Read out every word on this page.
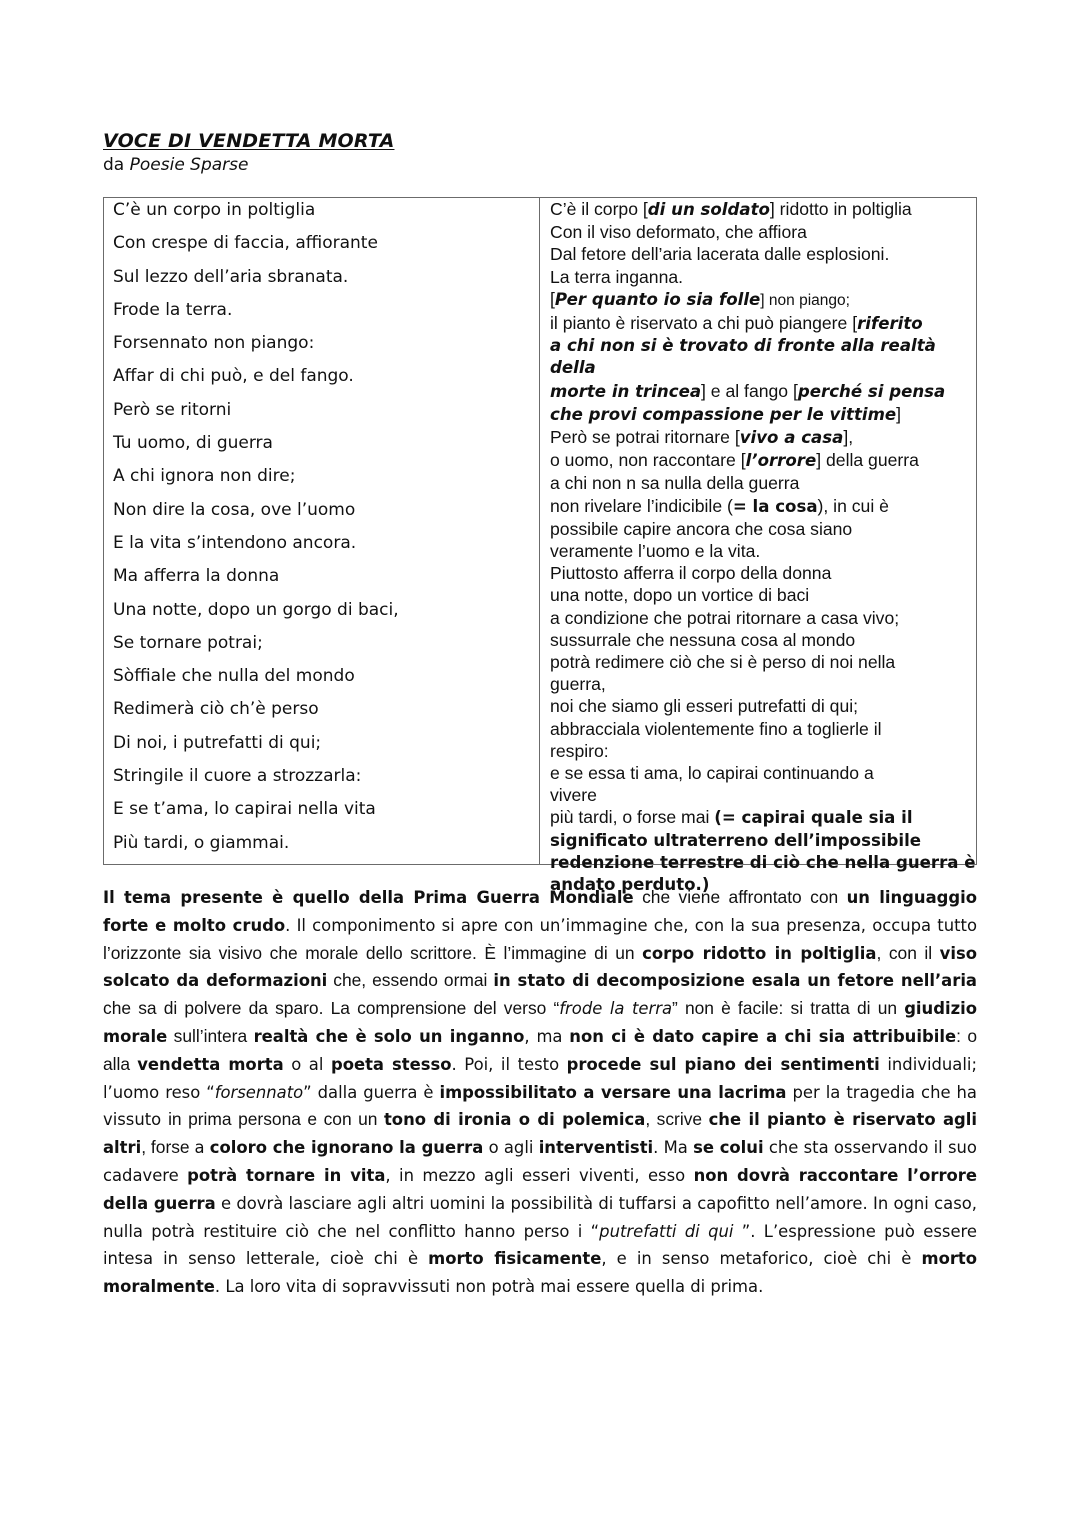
VOCE DI VENDETTA MORTA

da Poesie Sparse

C’è un corpo in poltiglia
Con crespe di faccia, affiorante
Sul lezzo dell’aria sbranata.
Frode la terra.
Forsennato non piango:
Affar di chi può, e del fango.
Però se ritorni
Tu uomo, di guerra
A chi ignora non dire;
Non dire la cosa, ove l’uomo
E la vita s’intendono ancora.
Ma afferra la donna
Una notte, dopo un gorgo di baci,
Se tornare potrai;
Sòffiale che nulla del mondo
Redimerà ciò ch’è perso
Di noi, i putrefatti di qui;
Stringile il cuore a strozzarla:
E se t’ama, lo capirai nella vita
Più tardi, o giammai.
C’è il corpo [di un soldato] ridotto in poltiglia
Con il viso deformato, che affiora
Dal fetore dell’aria lacerata dalle esplosioni.
La terra inganna.
[Per quanto io sia folle] non piango;
il pianto è riservato a chi può piangere [riferito
a chi non si è trovato di fronte alla realtà della
morte in trincea] e al fango [perché si pensa
che provi compassione per le vittime]
Però se potrai ritornare [vivo a casa],
o uomo, non raccontare [l’orrore] della guerra
a chi non n sa nulla della guerra
non rivelare l’indicibile (= la cosa), in cui è
possibile capire ancora che cosa siano
veramente l’uomo e la vita.
Piuttosto afferra il corpo della donna
una notte, dopo un vortice di baci
a condizione che potrai ritornare a casa vivo;
sussurrale che nessuna cosa al mondo
potrà redimere ciò che si è perso di noi nella
guerra,
noi che siamo gli esseri putrefatti di qui;
abbracciala violentemente fino a toglierle il
respiro:
e se essa ti ama, lo capirai continuando a
vivere
più tardi, o forse mai (= capirai quale sia il
significato ultraterreno dell’impossibile
redenzione terrestre di ciò che nella guerra è
andato perduto.)

Il tema presente è quello della Prima Guerra Mondiale che viene affrontato con un linguaggio forte e molto crudo. Il componimento si apre con un’immagine che, con la sua presenza, occupa tutto l’orizzonte sia visivo che morale dello scrittore. È l’immagine di un corpo ridotto in poltiglia, con il viso solcato da deformazioni che, essendo ormai in stato di decomposizione esala un fetore nell’aria che sa di polvere da sparo. La comprensione del verso “frode la terra” non è facile: si tratta di un giudizio morale sull’intera realtà che è solo un inganno, ma non ci è dato capire a chi sia attribuibile: o alla vendetta morta o al poeta stesso. Poi, il testo procede sul piano dei sentimenti individuali; l’uomo reso “forsennato” dalla guerra è impossibilitato a versare una lacrima per la tragedia che ha vissuto in prima persona e con un tono di ironia o di polemica, scrive che il pianto è riservato agli altri, forse a coloro che ignorano la guerra o agli interventisti. Ma se colui che sta osservando il suo cadavere potrà tornare in vita, in mezzo agli esseri viventi, esso non dovrà raccontare l’orrore della guerra e dovrà lasciare agli altri uomini la possibilità di tuffarsi a capofitto nell’amore. In ogni caso, nulla potrà restituire ciò che nel conflitto hanno perso i “putrefatti di qui ”. L’espressione può essere intesa in senso letterale, cioè chi è morto fisicamente, e in senso metaforico, cioè chi è morto moralmente. La loro vita di sopravvissuti non potrà mai essere quella di prima.
